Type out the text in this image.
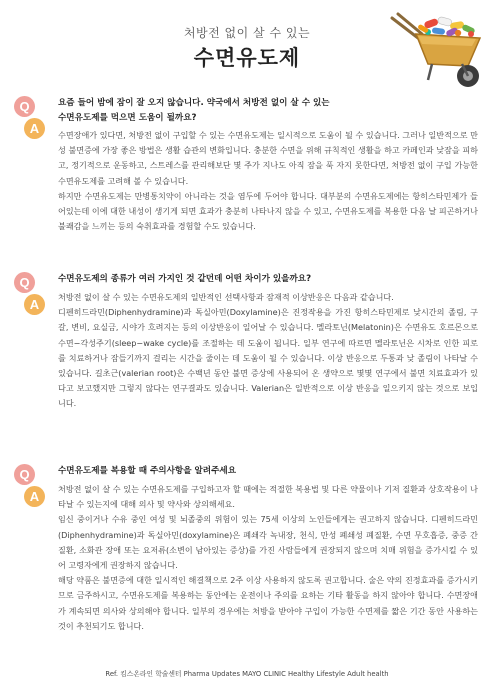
처방전 없이 살 수 있는
수면유도제
Q
A
요즘 들어 밤에 잠이 잘 오지 않습니다. 약국에서 처방전 없이 살 수 있는
수면유도제를 먹으면 도움이 될까요?

수면장애가 있다면, 처방전 없이 구입할 수 있는 수면유도제는 일시적으로 도움이 될 수 있습니다. 그러나 일반적으로 만성 불면증에 가장 좋은 방법은 생활 습관의 변화입니다. 충분한 수면을 위해 규칙적인 생활을 하고 카페인과 낮잠을 피하고, 정기적으로 운동하고, 스트레스를 관리해보단 몇 주가 지나도 아직 잠을 푹 자지 못한다면, 처방전 없이 구입 가능한 수면유도제를 고려해 볼 수 있습니다.

하지만 수면유도제는 만병통치약이 아니라는 것을 염두에 두어야 합니다. 대부분의 수면유도제에는 항히스타민제가 들어있는데 이에 대한 내성이 생기게 되면 효과가 충분히 나타나지 않을 수 있고, 수면유도제를 복용한 다음 날 피곤하거나 불쾌감을 느끼는 등의 숙취효과를 경험할 수도 있습니다.

Q
A
수면유도제의 종류가 여러 가지인 것 같던데 어떤 차이가 있을까요?

처방전 없이 살 수 있는 수면유도제의 일반적인 선택사항과 잠재적 이상반응은 다음과 같습니다.

디펜히드라민(Diphenhydramine)과 독실아민(Doxylamine)은 진정작용을 가진 항히스타민제로 낮시간의 졸림, 구갈, 변비, 요실금, 시야가 흐려지는 등의 이상반응이 일어날 수 있습니다. 멜라토닌(Melatonin)은 수면유도 호르몬으로 수면−각성주기(sleep−wake cycle)를 조절하는 데 도움이 됩니다. 일부 연구에 따르면 멜라토닌은 시차로 인한 피로를 치료하거나 잠들기까지 걸리는 시간을 줄이는 데 도움이 될 수 있습니다. 이상 반응으로 두통과 낮 졸림이 나타날 수 있습니다. 길초근(valerian root)은 수백년 동안 불면 증상에 사용되어 온 생약으로 몇몇 연구에서 불면 치료효과가 있다고 보고했지만 그렇지 않다는 연구결과도 있습니다. Valerian은 일반적으로 이상 반응을 일으키지 않는 것으로 보입니다.

Q
A
수면유도제를 복용할 때 주의사항을 알려주세요

처방전 없이 살 수 있는 수면유도제를 구입하고자 할 때에는 적절한 복용법 및 다른 약물이나 기저 질환과 상호작용이 나타날 수 있는지에 대해 의사 및 약사와 상의해세요.

임신 중이거나 수유 중인 여성 및 뇌졸중의 위험이 있는 75세 이상의 노인들에게는 권고하지 않습니다. 디펜히드라민(Diphenhydramine)과 독실아민(doxylamine)은 폐쇄각 녹내장, 천식, 만성 폐쇄성 폐질환, 수면 무호흡증, 중증 간질환, 소화관 장애 또는 요저류(소변이 남아있는 증상)를 가진 사람들에게 권장되지 않으며 치매 위험을 증가시킬 수 있어 고령자에게 권장하지 않습니다.

해당 약품은 불면증에 대한 일시적인 해결책으로 2주 이상 사용하지 않도록 권고합니다. 술은 약의 진정효과를 증가시키므로 금주하시고, 수면유도제를 복용하는 동안에는 운전이나 주의를 요하는 기타 활동을 하지 않아야 합니다. 수면장애가 계속되면 의사와 상의해야 합니다. 일부의 경우에는 처방을 받아야 구입이 가능한 수면제를 짧은 기간 동안 사용하는 것이 추천되기도 합니다.

Ref. 킴스온라인 학술센터 Pharma Updates MAYO CLINIC Healthy Lifestyle Adult health
